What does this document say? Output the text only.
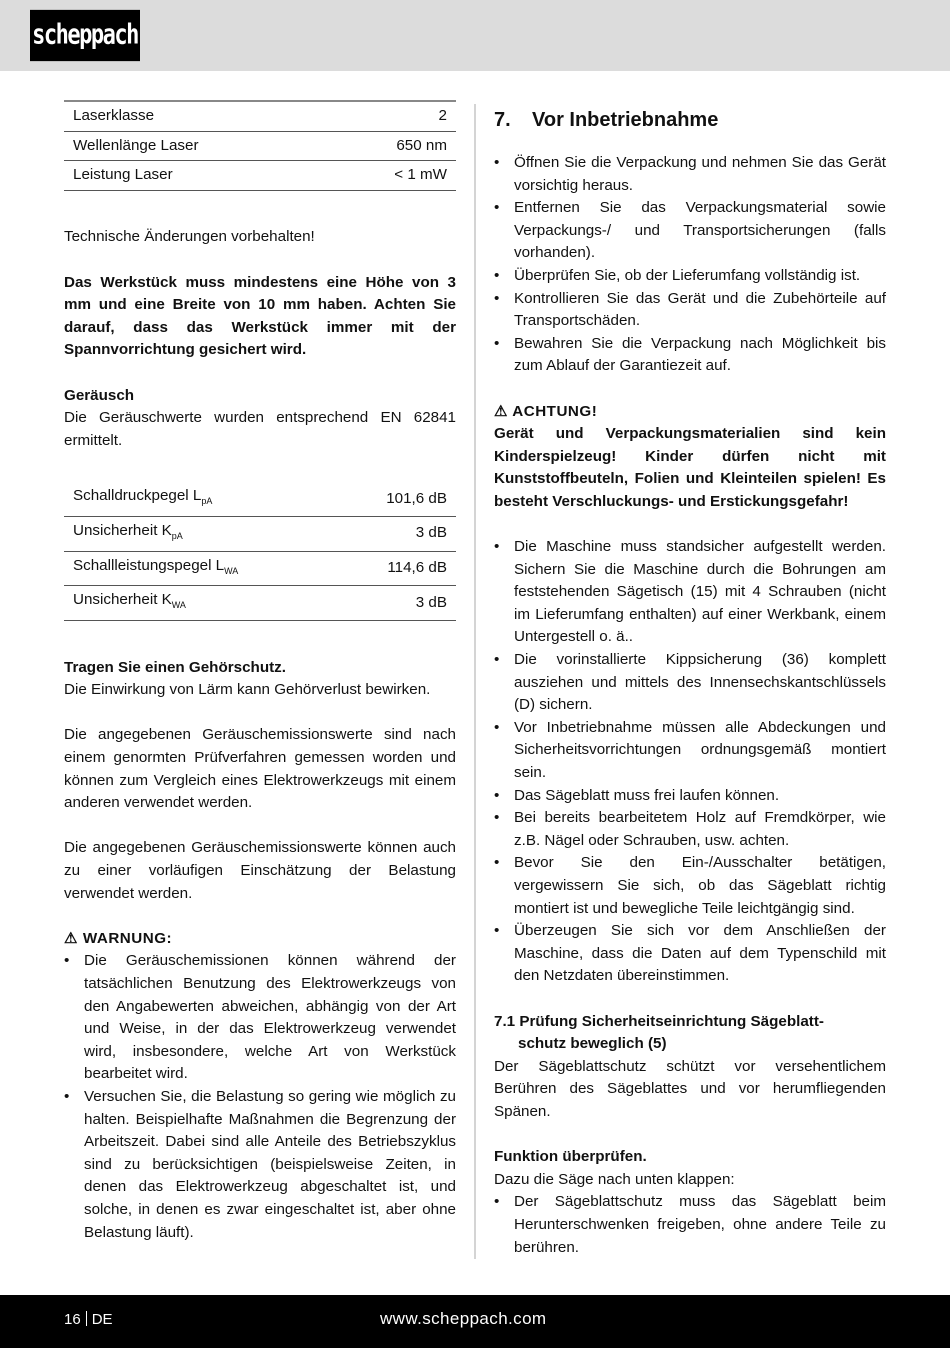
scheppach
Laserklasse	2
Wellenlänge Laser	650 nm
Leistung Laser	< 1 mW

Technische Änderungen vorbehalten!

Das Werkstück muss mindestens eine Höhe von 3 mm und eine Breite von 10 mm haben. Achten Sie darauf, dass das Werkstück immer mit der Spannvorrichtung gesichert wird.

Geräusch

Die Geräuschwerte wurden entsprechend EN 62841 ermittelt.

Schalldruckpegel $L_{pA}$	101,6 dB
Unsicherheit $K_{pA}$	3 dB
Schallleistungspegel $L_{WA}$	114,6 dB
Unsicherheit $K_{WA}$	3 dB

Tragen Sie einen Gehörschutz.

Die Einwirkung von Lärm kann Gehörverlust bewirken.

Die angegebenen Geräuschemissionswerte sind nach einem genormten Prüfverfahren gemessen worden und können zum Vergleich eines Elektrowerkzeugs mit einem anderen verwendet werden.

Die angegebenen Geräuschemissionswerte können auch zu einer vorläufigen Einschätzung der Belastung verwendet werden.

⚠ WARNUNG:
• Die Geräuschemissionen können während der tatsächlichen Benutzung des Elektrowerkzeugs von den Angabewerten abweichen, abhängig von der Art und Weise, in der das Elektrowerkzeug verwendet wird, insbesondere, welche Art von Werkstück bearbeitet wird.
• Versuchen Sie, die Belastung so gering wie möglich zu halten. Beispielhafte Maßnahmen die Begrenzung der Arbeitszeit. Dabei sind alle Anteile des Betriebszyklus sind zu berücksichtigen (beispielsweise Zeiten, in denen das Elektrowerkzeug abgeschaltet ist, und solche, in denen es zwar eingeschaltet ist, aber ohne Belastung läuft).
7. Vor Inbetriebnahme
• Öffnen Sie die Verpackung und nehmen Sie das Gerät vorsichtig heraus.
• Entfernen Sie das Verpackungsmaterial sowie Verpackungs-/ und Transportsicherungen (falls vorhanden).
• Überprüfen Sie, ob der Lieferumfang vollständig ist.
• Kontrollieren Sie das Gerät und die Zubehörteile auf Transportschäden.
• Bewahren Sie die Verpackung nach Möglichkeit bis zum Ablauf der Garantiezeit auf.
⚠ ACHTUNG!

Gerät und Verpackungsmaterialien sind kein Kinderspielzeug! Kinder dürfen nicht mit Kunststoffbeuteln, Folien und Kleinteilen spielen! Es besteht Verschluckungs- und Erstickungsgefahr!

• Die Maschine muss standsicher aufgestellt werden. Sichern Sie die Maschine durch die Bohrungen am feststehenden Sägetisch (15) mit 4 Schrauben (nicht im Lieferumfang enthalten) auf einer Werkbank, einem Untergestell o. ä..
• Die vorinstallierte Kippsicherung (36) komplett ausziehen und mittels des Innensechskantschlüssels (D) sichern.
• Vor Inbetriebnahme müssen alle Abdeckungen und Sicherheitsvorrichtungen ordnungsgemäß montiert sein.
• Das Sägeblatt muss frei laufen können.
• Bei bereits bearbeitetem Holz auf Fremdkörper, wie z.B. Nägel oder Schrauben, usw. achten.
• Bevor Sie den Ein-/Ausschalter betätigen, vergewissern Sie sich, ob das Sägeblatt richtig montiert ist und bewegliche Teile leichtgängig sind.
• Überzeugen Sie sich vor dem Anschließen der Maschine, dass die Daten auf dem Typenschild mit den Netzdaten übereinstimmen.
7.1 Prüfung Sicherheitseinrichtung Sägeblatt-
schutz beweglich (5)

Der Sägeblattschutz schützt vor versehentlichem Berühren des Sägeblattes und vor herumfliegenden Spänen.

Funktion überprüfen.

Dazu die Säge nach unten klappen:

• Der Sägeblattschutz muss das Sägeblatt beim Herunterschwenken freigeben, ohne andere Teile zu berühren.
16 DE	www.scheppach.com
